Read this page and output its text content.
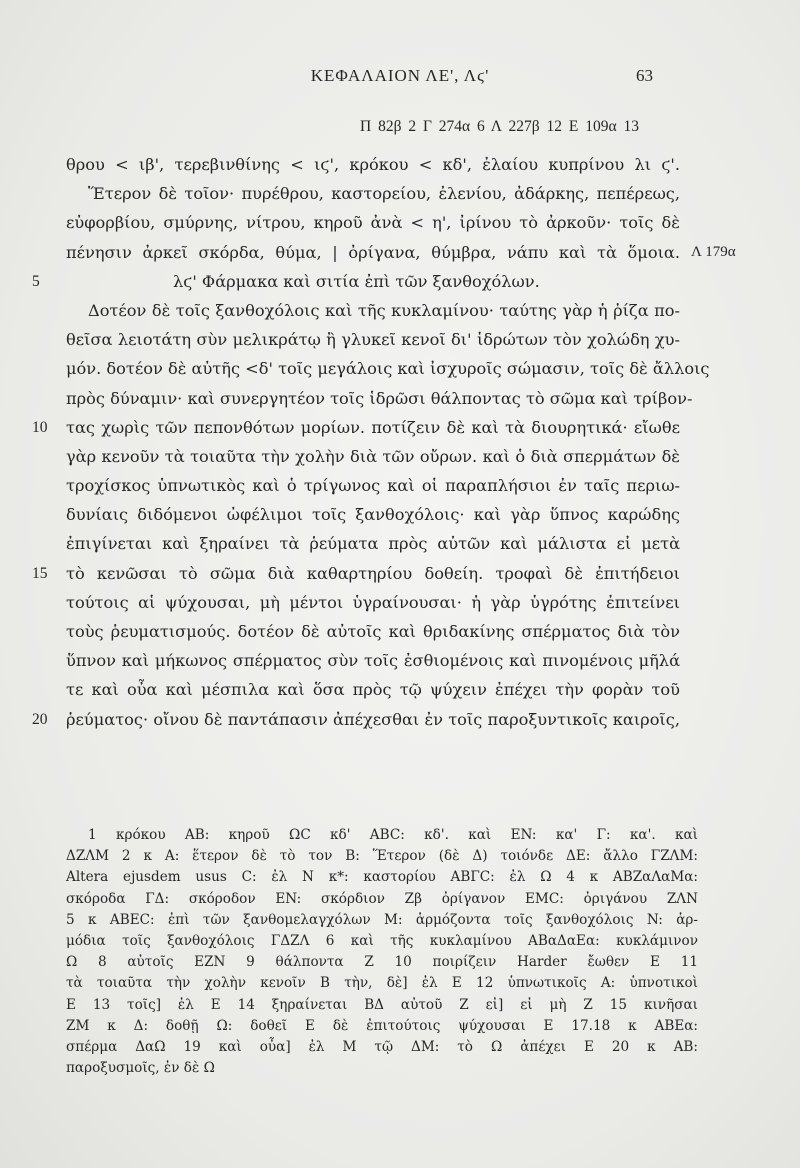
ΚΕΦΑΛΑΙΟΝ ΛΕ', Λϛ'	63
Π 82β 2 Γ 274α 6 Λ 227β 12 Ε 109α 13
θρου < ιβ', τερεβινθίνης < ιϛ', κρόκου < κδ', ἐλαίου κυπρίνου λι ϛ'.
Ἕτερον δὲ τοῖον· πυρέθρου, καστορείου, ἐλενίου, ἀδάρκης, πεπέρεως,
εὐφορβίου, σμύρνης, νίτρου, κηροῦ ἀνὰ < η', ἰρίνου τὸ ἀρκοῦν· τοῖς δὲ
πένησιν ἀρκεῖ σκόρδα, θύμα, | ὀρίγανα, θύμβρα, νάπυ καὶ τὰ ὅμοια. Λ 179α
5	λϛ' Φάρμακα καὶ σιτία ἐπὶ τῶν ξανθοχόλων.
Δοτέον δὲ τοῖς ξανθοχόλοις καὶ τῆς κυκλαμίνου· ταύτης γὰρ ἡ ῥίζα πο-
θεῖσα λειοτάτη σὺν μελικράτῳ ἢ γλυκεῖ κενοῖ δι' ἱδρώτων τὸν χολώδη χυ-
μόν. δοτέον δὲ αὐτῆς <δ' τοῖς μεγάλοις καὶ ἰσχυροῖς σώμασιν, τοῖς δὲ ἄλλοις
πρὸς δύναμιν· καὶ συνεργητέον τοῖς ἱδρῶσι θάλποντας τὸ σῶμα καὶ τρίβον-
10	τας χωρὶς τῶν πεπονθότων μορίων. ποτίζειν δὲ καὶ τὰ διουρητικά· εἴωθε
γὰρ κενοῦν τὰ τοιαῦτα τὴν χολὴν διὰ τῶν οὔρων. καὶ ὁ διὰ σπερμάτων δὲ
τροχίσκος ὑπνωτικὸς καὶ ὁ τρίγωνος καὶ οἱ παραπλήσιοι ἐν ταῖς περιω-
δυνίαις διδόμενοι ὠφέλιμοι τοῖς ξανθοχόλοις· καὶ γὰρ ὕπνος καρώδης
ἐπιγίνεται καὶ ξηραίνει τὰ ῥεύματα πρὸς αὐτῶν καὶ μάλιστα εἰ μετὰ
15	τὸ κενῶσαι τὸ σῶμα διὰ καθαρτηρίου δοθείη. τροφαὶ δὲ ἐπιτήδειοι
τούτοις αἱ ψύχουσαι, μὴ μέντοι ὑγραίνουσαι· ἡ γὰρ ὑγρότης ἐπιτείνει
τοὺς ῥευματισμούς. δοτέον δὲ αὐτοῖς καὶ θριδακίνης σπέρματος διὰ τὸν
ὕπνον καὶ μήκωνος σπέρματος σὺν τοῖς ἐσθιομένοις καὶ πινομένοις μῆλά
τε καὶ οὖα καὶ μέσπιλα καὶ ὅσα πρὸς τῷ ψύχειν ἐπέχει τὴν φορὰν τοῦ
20	ῥεύματος· οἴνου δὲ παντάπασιν ἀπέχεσθαι ἐν τοῖς παροξυντικοῖς καιροῖς,
1 κρόκου AB: κηροῦ ΩC κδ' ABC: κδ'. καὶ EN: κα' Γ: κα'. καὶ
ΔΖΛΜ 2 κ A: ἕτερον δὲ τὸ τον B: Ἕτερον (δὲ Δ) τοιόνδε ΔE: ἄλλο ΓΖΛΜ:
Altera ejusdem usus C: ἐλ N κ*: καστορίου ABΓC: ἐλ Ω 4 κ ABZαΛαMα:
σκόροδα ΓΔ: σκόροδον EN: σκόρδιον Zβ ὀρίγανον EMC: ὀριγάνου ΖΛΝ
5 κ ABEC: ἐπὶ τῶν ξανθομελαγχόλων M: ἁρμόζοντα τοῖς ξανθοχόλοις N: ἁρ-
μόδια τοῖς ξανθοχόλοις ΓΔΖΛ 6 καὶ τῆς κυκλαμίνου ABαΔαEα: κυκλάμινον
Ω 8 αὐτοῖς EZN 9 θάλποντα Z 10 ποιρίζειν Harder ἔωθεν E 11
τὰ τοιαῦτα τὴν χολὴν κενοῖν B τὴν, δὲ] ἐλ E 12 ὑπνωτικοῖς A: ὑπνοτικοὶ
E 13 τοῖς] ἐλ E 14 ξηραίνεται BΔ αὐτοῦ Z εἰ] εἰ μὴ Z 15 κινῆσαι
ZM κ Δ: δοθῇ Ω: δοθεῖ E δὲ ἐπιτούτοις ψύχουσαι E 17.18 κ ABEα:
σπέρμα ΔαΩ 19 καὶ οὖα] ἐλ M τῷ ΔM: τὸ Ω ἀπέχει E 20 κ AB:
παροξυσμοῖς, ἐν δὲ Ω
